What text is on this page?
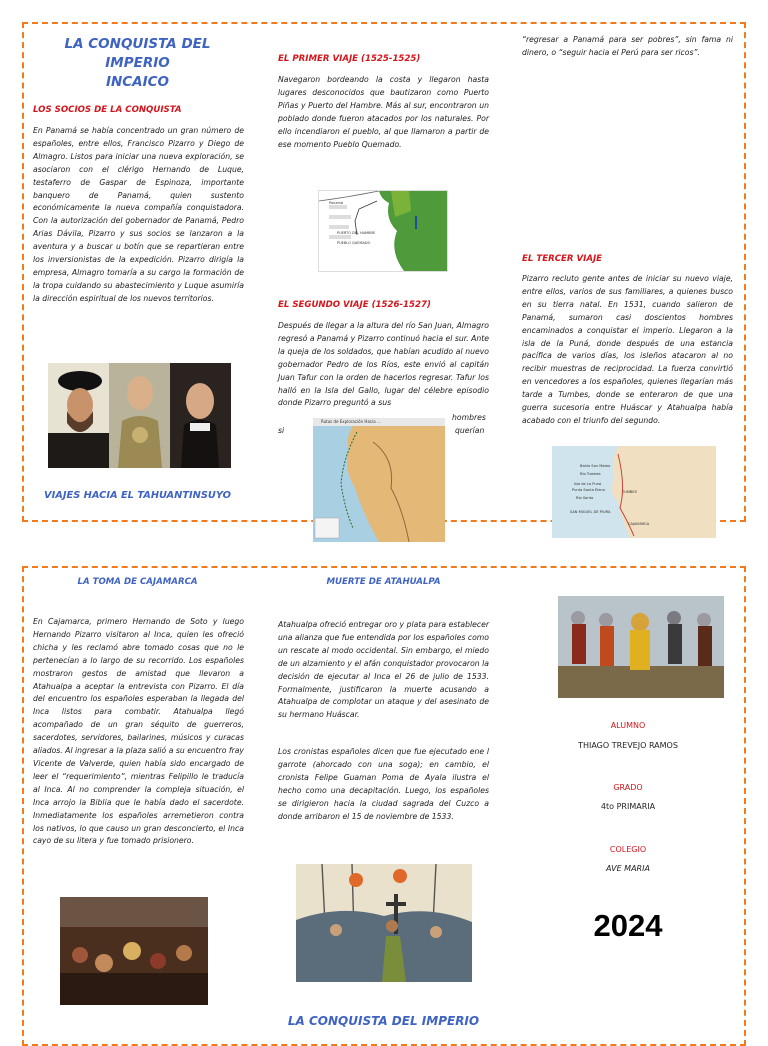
LA CONQUISTA DEL IMPERIO
INCAICO
LOS SOCIOS DE LA CONQUISTA
En Panamá se había concentrado un gran número de españoles, entre ellos, Francisco Pizarro y Diego de Almagro. Listos para iniciar una nueva exploración, se asociaron con el clérigo Hernando de Luque, testaferro de Gaspar de Espinoza, importante banquero de Panamá, quien sustento económicamente la nueva compañía conquistadora. Con la autorización del gobernador de Panamá, Pedro Arias Dávila, Pizarro y sus socios se lanzaron a la aventura y a buscar u botín que se repartieran entre los inversionistas de la expedición. Pizarro dirigía la empresa, Almagro tomaría a su cargo la formación de la tropa cuidando su abastecimiento y Luque asumiría la dirección espiritual de los nuevos territorios.
VIAJES HACIA EL TAHUANTINSUYO
EL PRIMER VIAJE (1525-1525)
Navegaron bordeando la costa y llegaron hasta lugares desconocidos que bautizaron como Puerto Piñas y Puerto del Hambre. Más al sur, encontraron un poblado donde fueron atacados por los naturales. Por ello incendiaron el pueblo, al que llamaron a partir de ese momento Pueblo Quemado.
Panamá
PUERTO DEL HAMBRE
PUEBLO QUEMADO
EL SEGUNDO VIAJE (1526-1527)
Después de llegar a la altura del río San Juan, Almagro regresó a Panamá y Pizarro continuó hacia el sur. Ante la queja de los soldados, que habían acudido al nuevo gobernador Pedro de los Ríos, este envió al capitán Juan Tafur con la orden de hacerlos regresar. Tafur los halló en la Isla del Gallo, lugar del célebre episodio donde Pizarro preguntó a sus
hombres
si	querían
Rutas de Exploración Hacia ...
“regresar a Panamá para ser pobres”, sin fama ni dinero, o “seguir hacia el Perú para ser ricos”.
EL TERCER VIAJE
Pizarro recluto gente antes de iniciar su nuevo viaje, entre ellos, varios de sus familiares, a quienes busco en su tierra natal. En 1531, cuando salieron de Panamá, sumaron casi doscientos hombres encaminados a conquistar el imperio. Llegaron a la isla de la Puná, donde después de una estancia pacífica de varios días, los isleños atacaron al no recibir muestras de reciprocidad. La fuerza convirtió en vencedores a los españoles, quienes llegarían más tarde a Tumbes, donde se enteraron de que una guerra sucesoria entre Huáscar y Atahualpa había acabado con el triunfo del segundo.
Bahía San Mateo
Río Tumbes
Isla de La Puná
Punta Santa Elena
Río Santa
TUMBES
CAJAMARCA
SAN MIGUEL DE PIURA
LA TOMA DE CAJAMARCA
En Cajamarca, primero Hernando de Soto y luego Hernando Pizarro visitaron al Inca, quien les ofreció chicha y les reclamó abre tomado cosas que no le pertenecían a lo largo de su recorrido. Los españoles mostraron gestos de amistad que llevaron a Atahualpa a aceptar la entrevista con Pizarro. El día del encuentro los españoles esperaban la llegada del Inca listos para combatir. Atahualpa llegó acompañado de un gran séquito de guerreros, sacerdotes, servidores, bailarines, músicos y curacas aliados. Al ingresar a la plaza salió a su encuentro fray Vicente de Valverde, quien había sido encargado de leer el “requerimiento”, mientras Felipillo le traducía al Inca. Al no comprender la compleja situación, el Inca arrojo la Biblia que le había dado el sacerdote. Inmediatamente los españoles arremetieron contra los nativos, lo que causo un gran desconcierto, el Inca cayo de su litera y fue tomado prisionero.
MUERTE DE ATAHUALPA
Atahualpa ofreció entregar oro y plata para establecer una alianza que fue entendida por los españoles como un rescate al modo occidental. Sin embargo, el miedo de un alzamiento y el afán conquistador provocaron la decisión de ejecutar al Inca el 26 de julio de 1533. Formalmente, justificaron la muerte acusando a Atahualpa de complotar un ataque y del asesinato de su hermano Huáscar.
Los cronistas españoles dicen que fue ejecutado ene l garrote (ahorcado con una soga); en cambio, el cronista Felipe Guaman Poma de Ayala ilustra el hecho como una decapitación. Luego, los españoles se dirigieron hacia la ciudad sagrada del Cuzco a donde arribaron el 15 de noviembre de 1533.
LA CONQUISTA DEL IMPERIO
ALUMNO
THIAGO TREVEJO RAMOS
GRADO
4to PRIMARIA
COLEGIO
AVE MARIA
2024
